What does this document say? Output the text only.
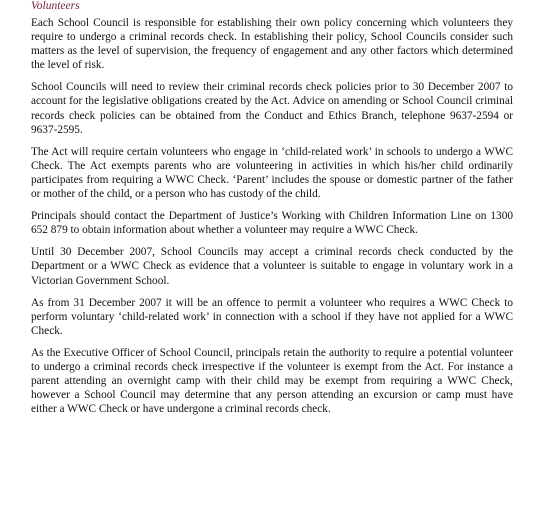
Volunteers

Each School Council is responsible for establishing their own policy concerning which volunteers they require to undergo a criminal records check. In establishing their policy, School Councils consider such matters as the level of supervision, the frequency of engagement and any other factors which determined the level of risk.

School Councils will need to review their criminal records check policies prior to 30 December 2007 to account for the legislative obligations created by the Act. Advice on amending or School Council criminal records check policies can be obtained from the Conduct and Ethics Branch, telephone 9637-2594 or 9637-2595.

The Act will require certain volunteers who engage in ‘child-related work’ in schools to undergo a WWC Check. The Act exempts parents who are volunteering in activities in which his/her child ordinarily participates from requiring a WWC Check. ‘Parent’ includes the spouse or domestic partner of the father or mother of the child, or a person who has custody of the child.

Principals should contact the Department of Justice’s Working with Children Information Line on 1300 652 879 to obtain information about whether a volunteer may require a WWC Check.

Until 30 December 2007, School Councils may accept a criminal records check conducted by the Department or a WWC Check as evidence that a volunteer is suitable to engage in voluntary work in a Victorian Government School.

As from 31 December 2007 it will be an offence to permit a volunteer who requires a WWC Check to perform voluntary ‘child-related work’ in connection with a school if they have not applied for a WWC Check.

As the Executive Officer of School Council, principals retain the authority to require a potential volunteer to undergo a criminal records check irrespective if the volunteer is exempt from the Act. For instance a parent attending an overnight camp with their child may be exempt from requiring a WWC Check, however a School Council may determine that any person attending an excursion or camp must have either a WWC Check or have undergone a criminal records check.
